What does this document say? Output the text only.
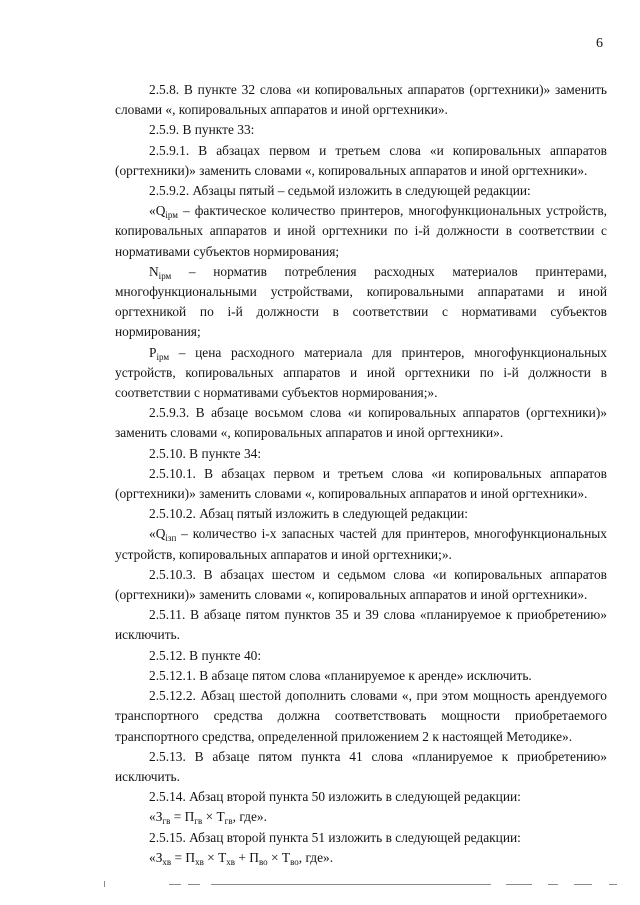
6

2.5.8. В пункте 32 слова «и копировальных аппаратов (оргтехники)» заменить словами «, копировальных аппаратов и иной оргтехники».

2.5.9. В пункте 33:

2.5.9.1. В абзацах первом и третьем слова «и копировальных аппаратов (оргтехники)» заменить словами «, копировальных аппаратов и иной оргтехники».

2.5.9.2. Абзацы пятый – седьмой изложить в следующей редакции:

«$Q_{iрм}$ – фактическое количество принтеров, многофункциональных устройств, копировальных аппаратов и иной оргтехники по i-й должности в соответствии с нормативами субъектов нормирования;

$N_{iрм}$ – норматив потребления расходных материалов принтерами, многофункциональными устройствами, копировальными аппаратами и иной оргтехникой по i-й должности в соответствии с нормативами субъектов нормирования;

$P_{iрм}$ – цена расходного материала для принтеров, многофункциональных устройств, копировальных аппаратов и иной оргтехники по i-й должности в соответствии с нормативами субъектов нормирования;».

2.5.9.3. В абзаце восьмом слова «и копировальных аппаратов (оргтехники)» заменить словами «, копировальных аппаратов и иной оргтехники».

2.5.10. В пункте 34:

2.5.10.1. В абзацах первом и третьем слова «и копировальных аппаратов (оргтехники)» заменить словами «, копировальных аппаратов и иной оргтехники».

2.5.10.2. Абзац пятый изложить в следующей редакции:

«$Q_{iзп}$ – количество i-х запасных частей для принтеров, многофункциональных устройств, копировальных аппаратов и иной оргтехники;».

2.5.10.3. В абзацах шестом и седьмом слова «и копировальных аппаратов (оргтехники)» заменить словами «, копировальных аппаратов и иной оргтехники».

2.5.11. В абзаце пятом пунктов 35 и 39 слова «планируемое к приобретению» исключить.

2.5.12. В пункте 40:

2.5.12.1. В абзаце пятом слова «планируемое к аренде» исключить.

2.5.12.2. Абзац шестой дополнить словами «, при этом мощность арендуемого транспортного средства должна соответствовать мощности приобретаемого транспортного средства, определенной приложением 2 к настоящей Методике».

2.5.13. В абзаце пятом пункта 41 слова «планируемое к приобретению» исключить.

2.5.14. Абзац второй пункта 50 изложить в следующей редакции:

«$З_{гв} = П_{гв} \times Т_{гв}$, где».

2.5.15. Абзац второй пункта 51 изложить в следующей редакции:

«$З_{хв} = П_{хв} \times Т_{хв} + П_{во} \times Т_{во}$, где».
